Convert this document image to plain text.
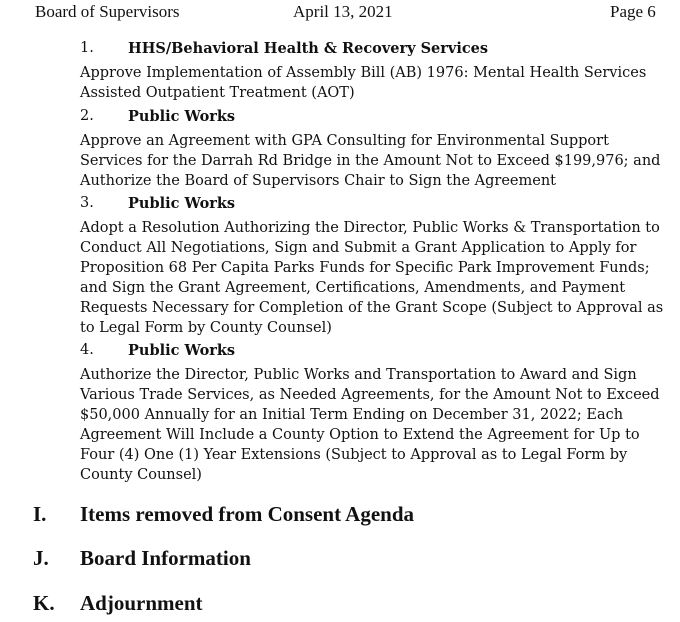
Board of Supervisors	April 13, 2021	Page 6
1. HHS/Behavioral Health & Recovery Services
Approve Implementation of Assembly Bill (AB) 1976: Mental Health Services
Assisted Outpatient Treatment (AOT)
2. Public Works
Approve an Agreement with GPA Consulting for Environmental Support
Services for the Darrah Rd Bridge in the Amount Not to Exceed $199,976; and
Authorize the Board of Supervisors Chair to Sign the Agreement
3. Public Works
Adopt a Resolution Authorizing the Director, Public Works & Transportation to
Conduct All Negotiations, Sign and Submit a Grant Application to Apply for
Proposition 68 Per Capita Parks Funds for Specific Park Improvement Funds;
and Sign the Grant Agreement, Certifications, Amendments, and Payment
Requests Necessary for Completion of the Grant Scope (Subject to Approval as
to Legal Form by County Counsel)
4. Public Works
Authorize the Director, Public Works and Transportation to Award and Sign
Various Trade Services, as Needed Agreements, for the Amount Not to Exceed
$50,000 Annually for an Initial Term Ending on December 31, 2022; Each
Agreement Will Include a County Option to Extend the Agreement for Up to
Four (4) One (1) Year Extensions (Subject to Approval as to Legal Form by
County Counsel)
I. Items removed from Consent Agenda
J. Board Information
K. Adjournment
